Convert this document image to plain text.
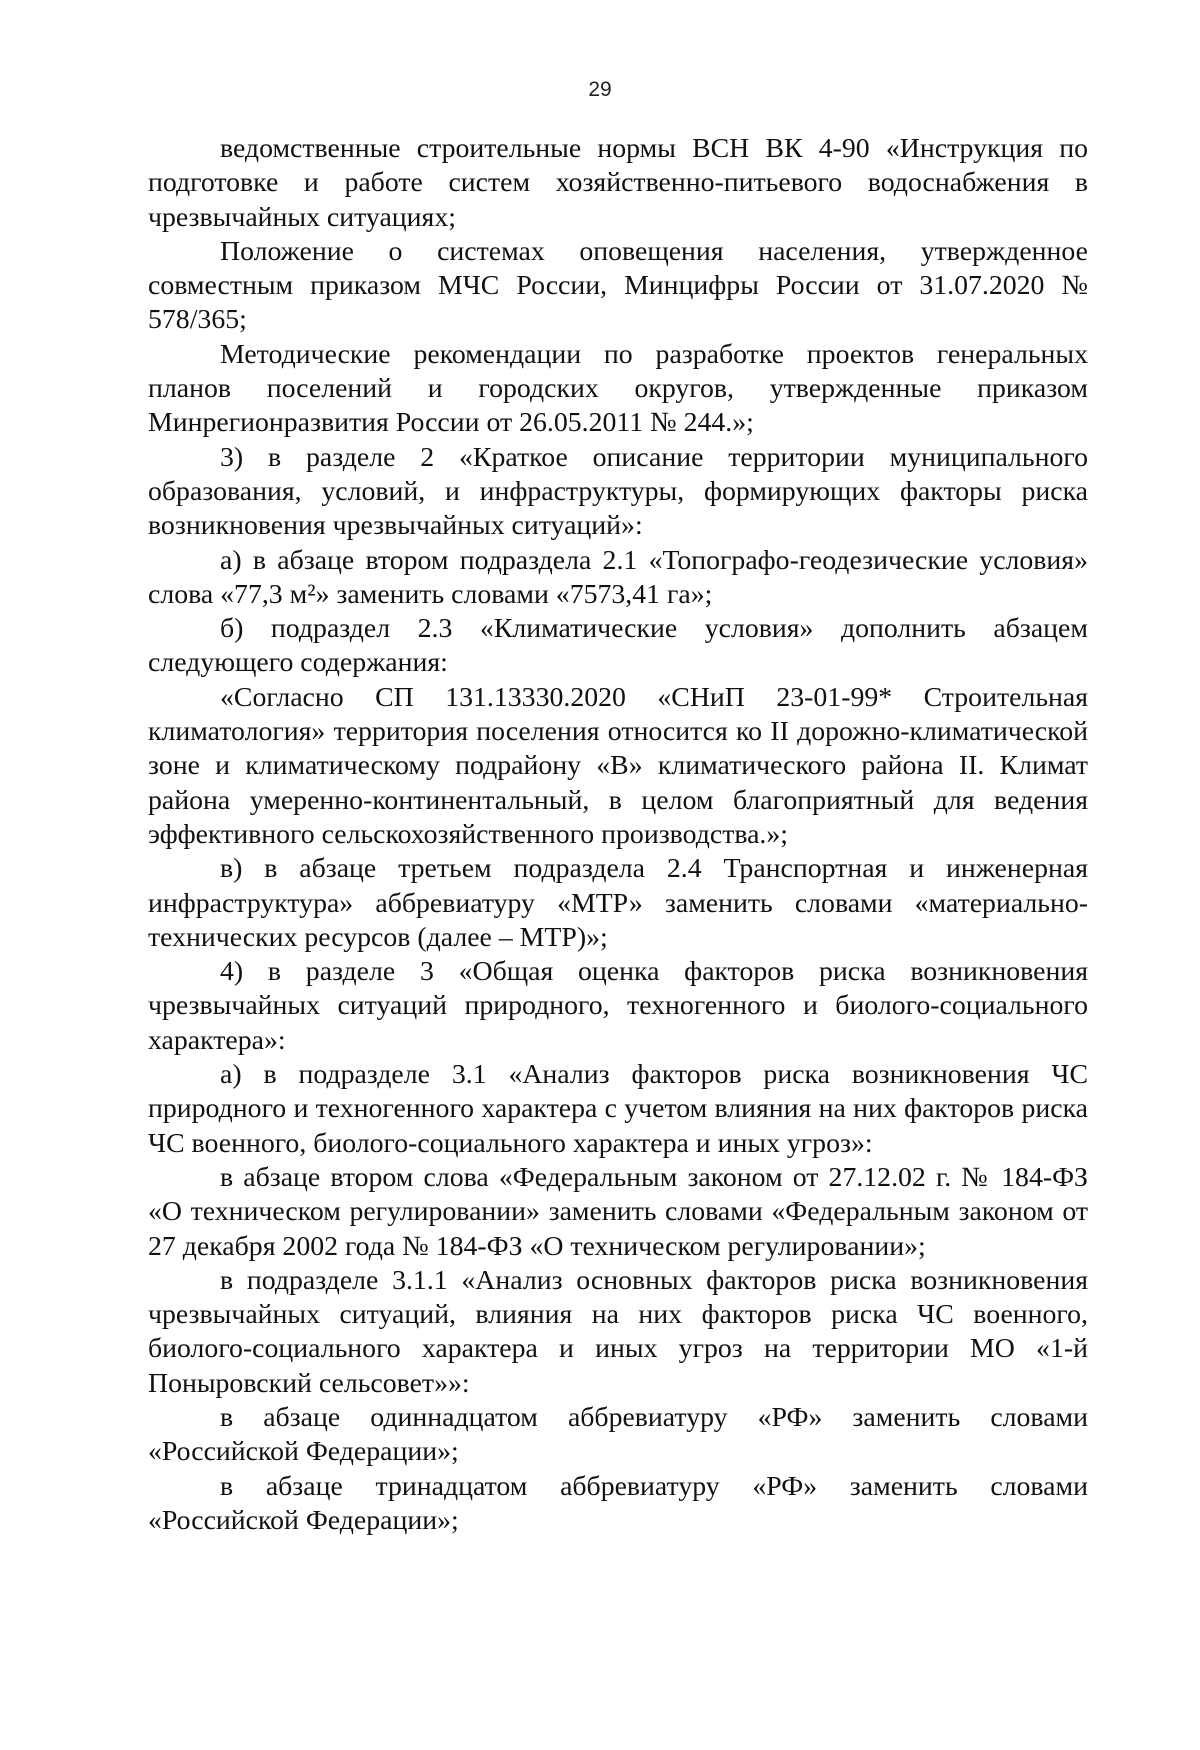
29

ведомственные строительные нормы ВСН ВК 4-90 «Инструкция по подготовке и работе систем хозяйственно-питьевого водоснабжения в чрезвычайных ситуациях;

Положение о системах оповещения населения, утвержденное совместным приказом МЧС России, Минцифры России от 31.07.2020 № 578/365;

Методические рекомендации по разработке проектов генеральных планов поселений и городских округов, утвержденные приказом Минрегионразвития России от 26.05.2011 № 244.»;

3) в разделе 2 «Краткое описание территории муниципального образования, условий, и инфраструктуры, формирующих факторы риска возникновения чрезвычайных ситуаций»:

а) в абзаце втором подраздела 2.1 «Топографо-геодезические условия» слова «77,3 м²» заменить словами «7573,41 га»;

б) подраздел 2.3 «Климатические условия» дополнить абзацем следующего содержания:

«Согласно СП 131.13330.2020 «СНиП 23-01-99* Строительная климатология» территория поселения относится ко II дорожно-климатической зоне и климатическому подрайону «В» климатического района II. Климат района умеренно-континентальный, в целом благоприятный для ведения эффективного сельскохозяйственного производства.»;

в) в абзаце третьем подраздела 2.4 Транспортная и инженерная инфраструктура» аббревиатуру «МТР» заменить словами «материально-технических ресурсов (далее – МТР)»;

4) в разделе 3 «Общая оценка факторов риска возникновения чрезвычайных ситуаций природного, техногенного и биолого-социального характера»:

а) в подразделе 3.1 «Анализ факторов риска возникновения ЧС природного и техногенного характера с учетом влияния на них факторов риска ЧС военного, биолого-социального характера и иных угроз»:

в абзаце втором слова «Федеральным законом от 27.12.02 г. № 184-ФЗ «О техническом регулировании» заменить словами «Федеральным законом от 27 декабря 2002 года № 184-ФЗ «О техническом регулировании»;

в подразделе 3.1.1 «Анализ основных факторов риска возникновения чрезвычайных ситуаций, влияния на них факторов риска ЧС военного, биолого-социального характера и иных угроз на территории МО «1-й Поныровский сельсовет»»:

в абзаце одиннадцатом аббревиатуру «РФ» заменить словами «Российской Федерации»;

в абзаце тринадцатом аббревиатуру «РФ» заменить словами «Российской Федерации»;
